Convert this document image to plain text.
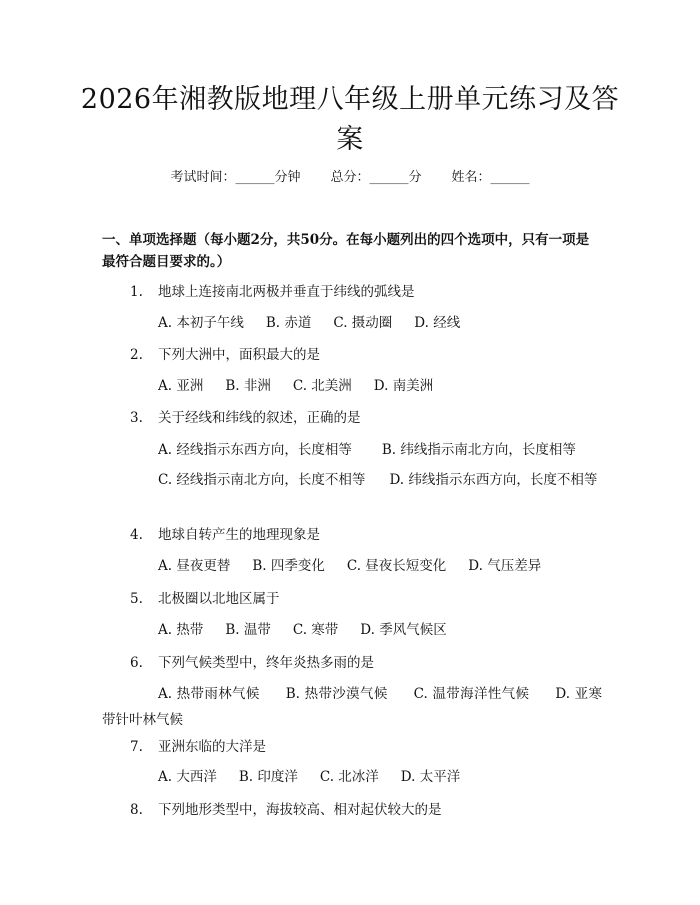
2026年湘教版地理八年级上册单元练习及答案
考试时间：______分钟 总分：______分 姓名：______
一、单项选择题（每小题2分，共50分。在每小题列出的四个选项中，只有一项是最符合题目要求的。）
1. 地球上连接南北两极并垂直于纬线的弧线是
A. 本初子午线 B. 赤道 C. 摄动圈 D. 经线
2. 下列大洲中，面积最大的是
A. 亚洲 B. 非洲 C. 北美洲 D. 南美洲
3. 关于经线和纬线的叙述，正确的是
A. 经线指示东西方向，长度相等 B. 纬线指示南北方向，长度相等
C. 经线指示南北方向，长度不相等 D. 纬线指示东西方向，长度不相等
4. 地球自转产生的地理现象是
A. 昼夜更替 B. 四季变化 C. 昼夜长短变化 D. 气压差异
5. 北极圈以北地区属于
A. 热带 B. 温带 C. 寒带 D. 季风气候区
6. 下列气候类型中，终年炎热多雨的是
A. 热带雨林气候 B. 热带沙漠气候 C. 温带海洋性气候 D. 亚寒带针叶林气候
7. 亚洲东临的大洋是
A. 大西洋 B. 印度洋 C. 北冰洋 D. 太平洋
8. 下列地形类型中，海拔较高、相对起伏较大的是
